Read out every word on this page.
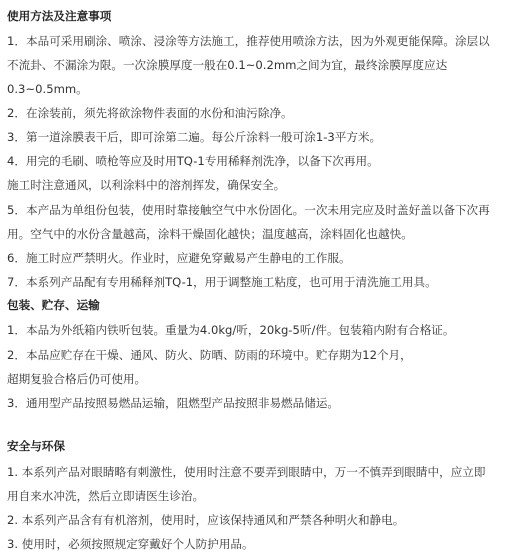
使用方法及注意事项
1．本品可采用刷涂、喷涂、浸涂等方法施工，推荐使用喷涂方法，因为外观更能保障。涂层以
不流卦、不漏涂为限。一次涂膜厚度一般在0.1~0.2mm之间为宜，最终涂膜厚度应达
0.3~0.5mm。
2．在涂装前，须先将欲涂物件表面的水份和油污除净。
3．第一道涂膜表干后，即可涂第二遍。每公斤涂料一般可涂1-3平方米。
4．用完的毛刷、喷枪等应及时用TQ-1专用稀释剂洗净，以备下次再用。
施工时注意通风，以利涂料中的溶剂挥发，确保安全。
5．本产品为单组份包装，使用时靠接触空气中水份固化。一次未用完应及时盖好盖以备下次再
用。空气中的水份含量越高，涂料干燥固化越快；温度越高，涂料固化也越快。
6．施工时应严禁明火。作业时，应避免穿戴易产生静电的工作服。
7．本系列产品配有专用稀释剂TQ-1，用于调整施工粘度，也可用于清洗施工用具。
包装、贮存、运输
1．本品为外纸箱内铁听包装。重量为4.0kg/听，20kg-5听/件。包装箱内附有合格证。
2．本品应贮存在干燥、通风、防火、防晒、防雨的环境中。贮存期为12个月，
超期复验合格后仍可使用。
3．通用型产品按照易燃品运输，阻燃型产品按照非易燃品储运。
安全与环保
1. 本系列产品对眼睛略有刺激性，使用时注意不要弄到眼睛中，万一不慎弄到眼睛中，应立即
用自来水冲洗，然后立即请医生诊治。
2. 本系列产品含有有机溶剂，使用时，应该保持通风和严禁各种明火和静电。
3. 使用时，必须按照规定穿戴好个人防护用品。
